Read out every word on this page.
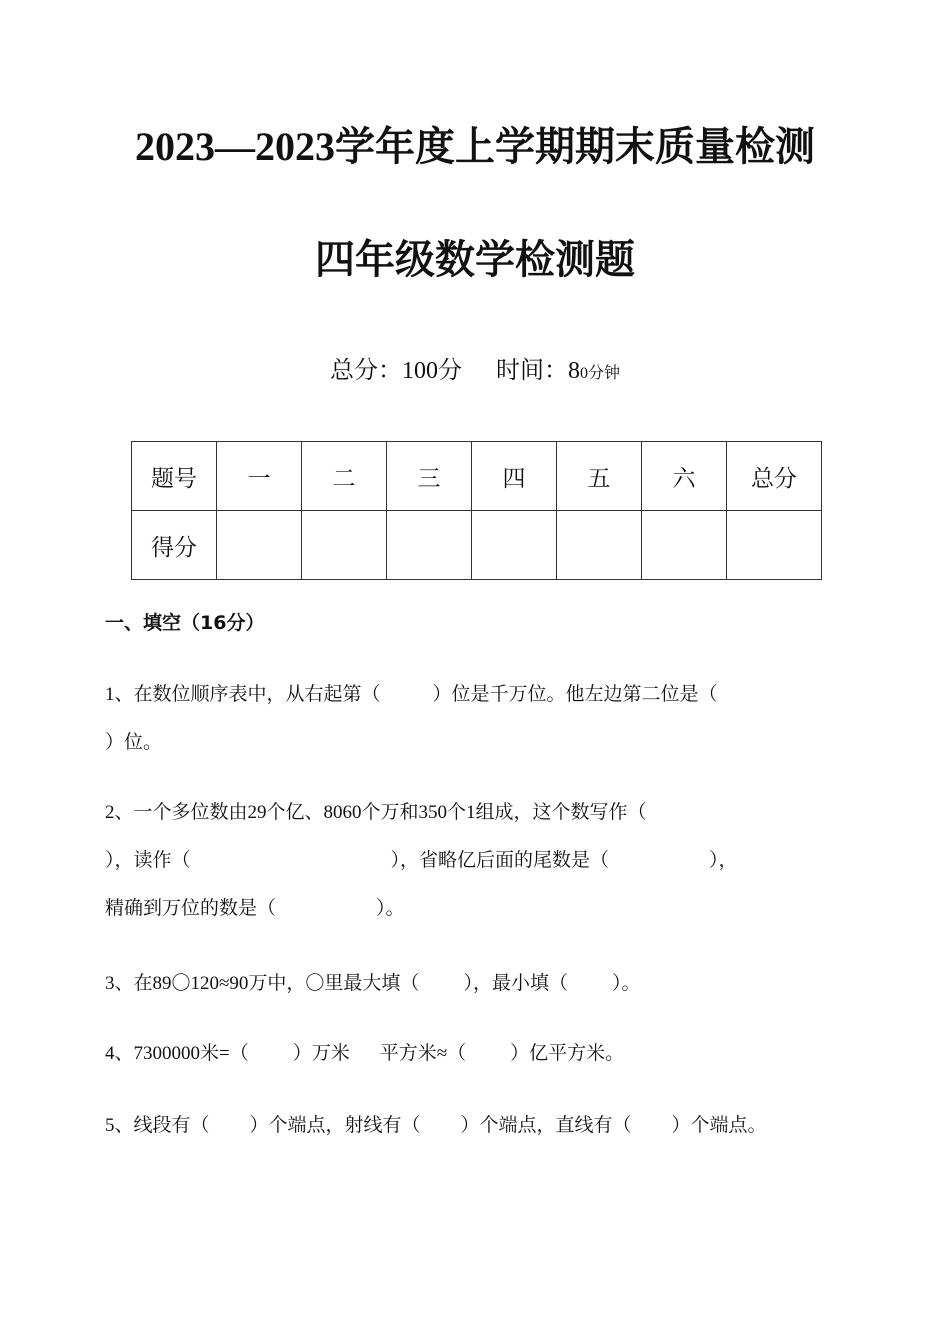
2023—2023学年度上学期期末质量检测
四年级数学检测题
总分：100分 时间：80分钟
题号	一	二	三	四	五	六	总分
得分							
一、填空（16分）
1、在数位顺序表中，从右起第（	）位是千万位。他左边第二位是（
）位。
2、一个多位数由29个亿、8060个万和350个1组成，这个数写作（
），读作（	），省略亿后面的尾数是（	），
精确到万位的数是（	）。
3、在89〇120≈90万中，〇里最大填（ ），最小填（ ）。
4、7300000米=（ ）万米 平方米≈（ ）亿平方米。
5、线段有（ ）个端点，射线有（ ）个端点，直线有（ ）个端点。
